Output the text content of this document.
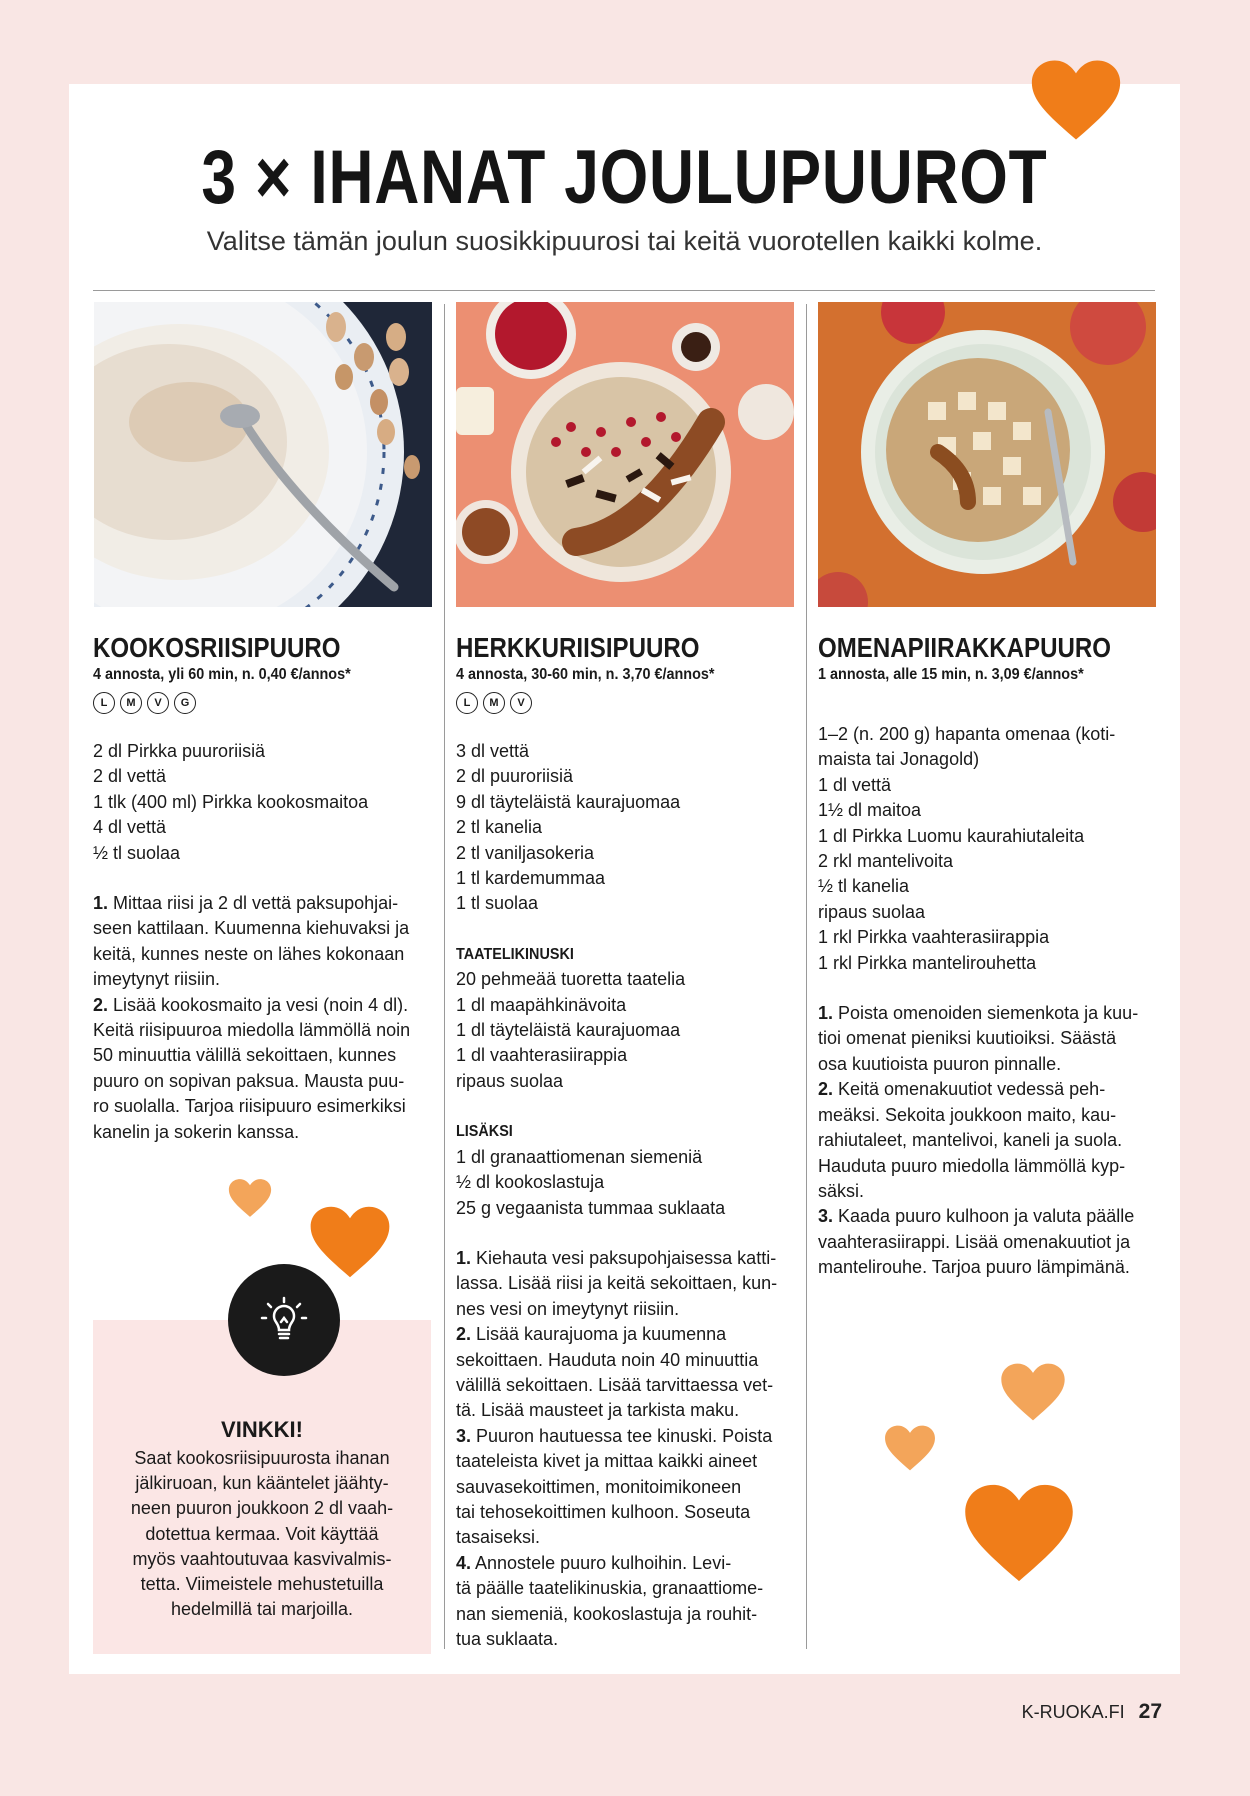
3 × IHANAT JOULUPUUROT

Valitse tämän joulun suosikkipuurosi tai keitä vuorotellen kaikki kolme.

KOOKOSRIISIPUURO

4 annosta, yli 60 min, n. 0,40 €/annos*

L	M	V	G
2 dl Pirkka puuroriisiä
2 dl vettä
1 tlk (400 ml) Pirkka kookosmaitoa
4 dl vettä
½ tl suolaa

1. Mittaa riisi ja 2 dl vettä paksupohjai-
seen kattilaan. Kuumenna kiehuvaksi ja
keitä, kunnes neste on lähes kokonaan
imeytynyt riisiin.

2. Lisää kookosmaito ja vesi (noin 4 dl).
Keitä riisipuuroa miedolla lämmöllä noin
50 minuuttia välillä sekoittaen, kunnes
puuro on sopivan paksua. Mausta puu-
ro suolalla. Tarjoa riisipuuro esimerkiksi
kanelin ja sokerin kanssa.

HERKKURIISIPUURO

4 annosta, 30-60 min, n. 3,70 €/annos*

L	M	V
3 dl vettä
2 dl puuroriisiä
9 dl täyteläistä kaurajuomaa
2 tl kanelia
2 tl vaniljasokeria
1 tl kardemummaa
1 tl suolaa

TAATELIKINUSKI

20 pehmeää tuoretta taatelia
1 dl maapähkinävoita
1 dl täyteläistä kaurajuomaa
1 dl vaahterasiirappia
ripaus suolaa

LISÄKSI

1 dl granaattiomenan siemeniä
½ dl kookoslastuja
25 g vegaanista tummaa suklaata

1. Kiehauta vesi paksupohjaisessa katti-
lassa. Lisää riisi ja keitä sekoittaen, kun-
nes vesi on imeytynyt riisiin.

2. Lisää kaurajuoma ja kuumenna
sekoittaen. Hauduta noin 40 minuuttia
välillä sekoittaen. Lisää tarvittaessa vet-
tä. Lisää mausteet ja tarkista maku.

3. Puuron hautuessa tee kinuski. Poista
taateleista kivet ja mittaa kaikki aineet
sauvasekoittimen, monitoimikoneen
tai tehosekoittimen kulhoon. Soseuta
tasaiseksi.

4. Annostele puuro kulhoihin. Levi-
tä päälle taatelikinuskia, granaattiome-
nan siemeniä, kookoslastuja ja rouhit-
tua suklaata.

OMENAPIIRAKKAPUURO

1 annosta, alle 15 min, n. 3,09 €/annos*

1–2 (n. 200 g) hapanta omenaa (koti-
maista tai Jonagold)
1 dl vettä
1½ dl maitoa
1 dl Pirkka Luomu kaurahiutaleita
2 rkl mantelivoita
½ tl kanelia
ripaus suolaa
1 rkl Pirkka vaahterasiirappia
1 rkl Pirkka mantelirouhetta

1. Poista omenoiden siemenkota ja kuu-
tioi omenat pieniksi kuutioiksi. Säästä
osa kuutioista puuron pinnalle.

2. Keitä omenakuutiot vedessä peh-
meäksi. Sekoita joukkoon maito, kau-
rahiutaleet, mantelivoi, kaneli ja suola.
Hauduta puuro miedolla lämmöllä kyp-
säksi.

3. Kaada puuro kulhoon ja valuta päälle
vaahterasiirappi. Lisää omenakuutiot ja
mantelirouhe. Tarjoa puuro lämpimänä.

VINKKI!

Saat kookosriisipuurosta ihanan
jälkiruoan, kun kääntelet jäähty-
neen puuron joukkoon 2 dl vaah-
dotettua kermaa. Voit käyttää
myös vaahtoutuvaa kasvivalmis-
tetta. Viimeistele mehustetuilla
hedelmillä tai marjoilla.

K-RUOKA.FI 27
